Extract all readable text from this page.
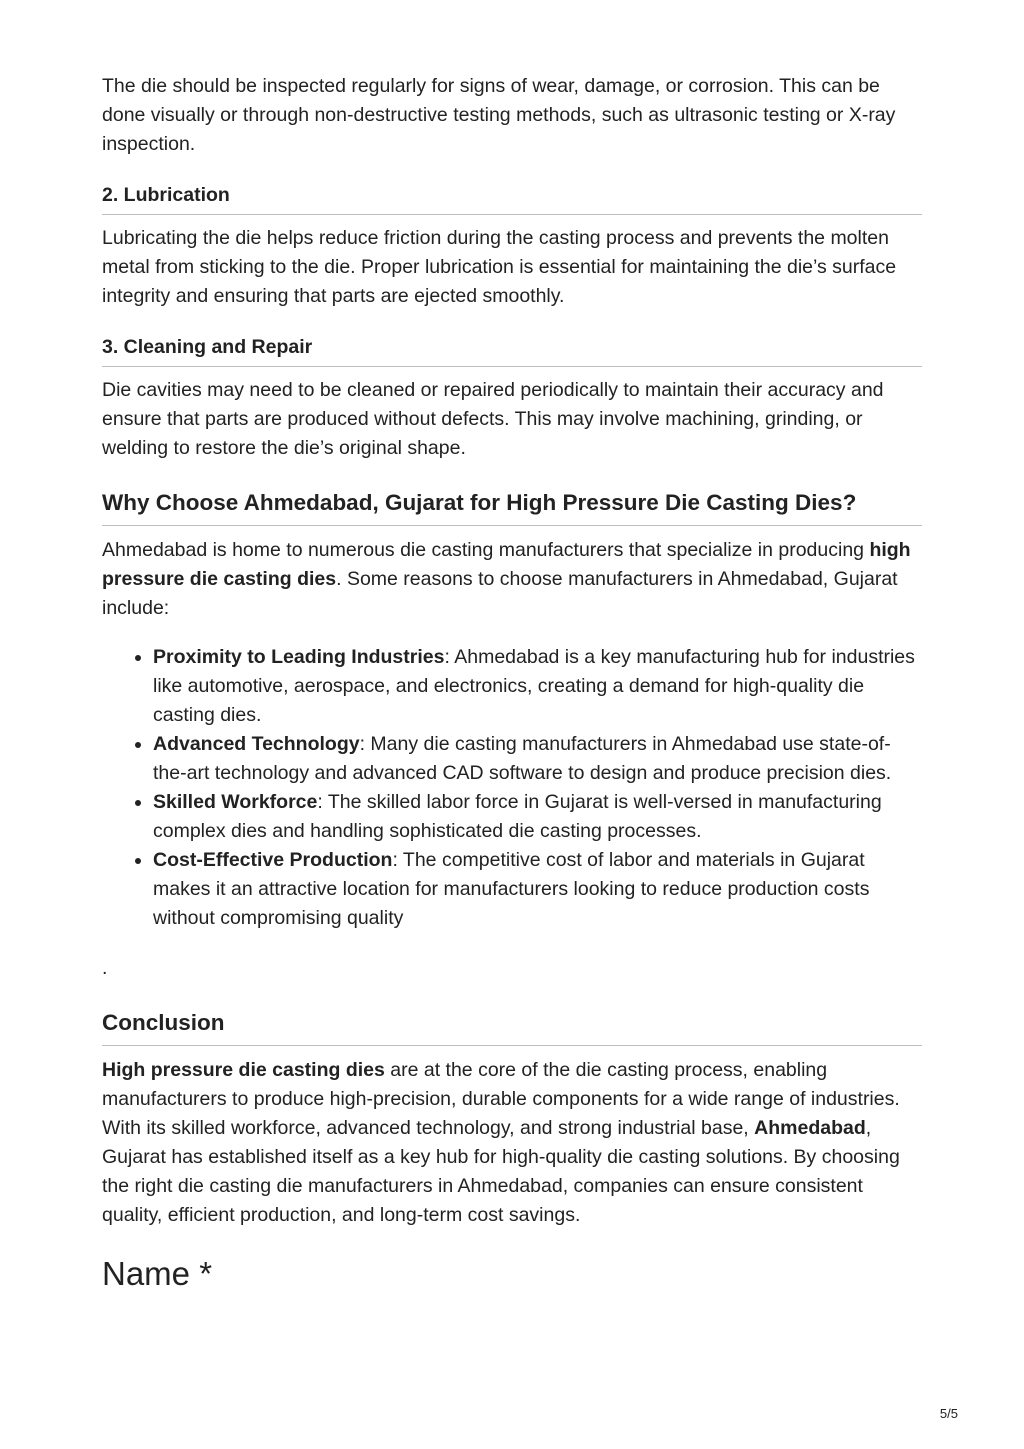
The die should be inspected regularly for signs of wear, damage, or corrosion. This can be done visually or through non-destructive testing methods, such as ultrasonic testing or X-ray inspection.

2. Lubrication

Lubricating the die helps reduce friction during the casting process and prevents the molten metal from sticking to the die. Proper lubrication is essential for maintaining the die’s surface integrity and ensuring that parts are ejected smoothly.

3. Cleaning and Repair

Die cavities may need to be cleaned or repaired periodically to maintain their accuracy and ensure that parts are produced without defects. This may involve machining, grinding, or welding to restore the die’s original shape.

Why Choose Ahmedabad, Gujarat for High Pressure Die Casting Dies?

Ahmedabad is home to numerous die casting manufacturers that specialize in producing high pressure die casting dies. Some reasons to choose manufacturers in Ahmedabad, Gujarat include:

Proximity to Leading Industries: Ahmedabad is a key manufacturing hub for industries like automotive, aerospace, and electronics, creating a demand for high-quality die casting dies.
Advanced Technology: Many die casting manufacturers in Ahmedabad use state-of-the-art technology and advanced CAD software to design and produce precision dies.
Skilled Workforce: The skilled labor force in Gujarat is well-versed in manufacturing complex dies and handling sophisticated die casting processes.
Cost-Effective Production: The competitive cost of labor and materials in Gujarat makes it an attractive location for manufacturers looking to reduce production costs without compromising quality

.

Conclusion

High pressure die casting dies are at the core of the die casting process, enabling manufacturers to produce high-precision, durable components for a wide range of industries. With its skilled workforce, advanced technology, and strong industrial base, Ahmedabad, Gujarat has established itself as a key hub for high-quality die casting solutions. By choosing the right die casting die manufacturers in Ahmedabad, companies can ensure consistent quality, efficient production, and long-term cost savings.

Name *
5/5
